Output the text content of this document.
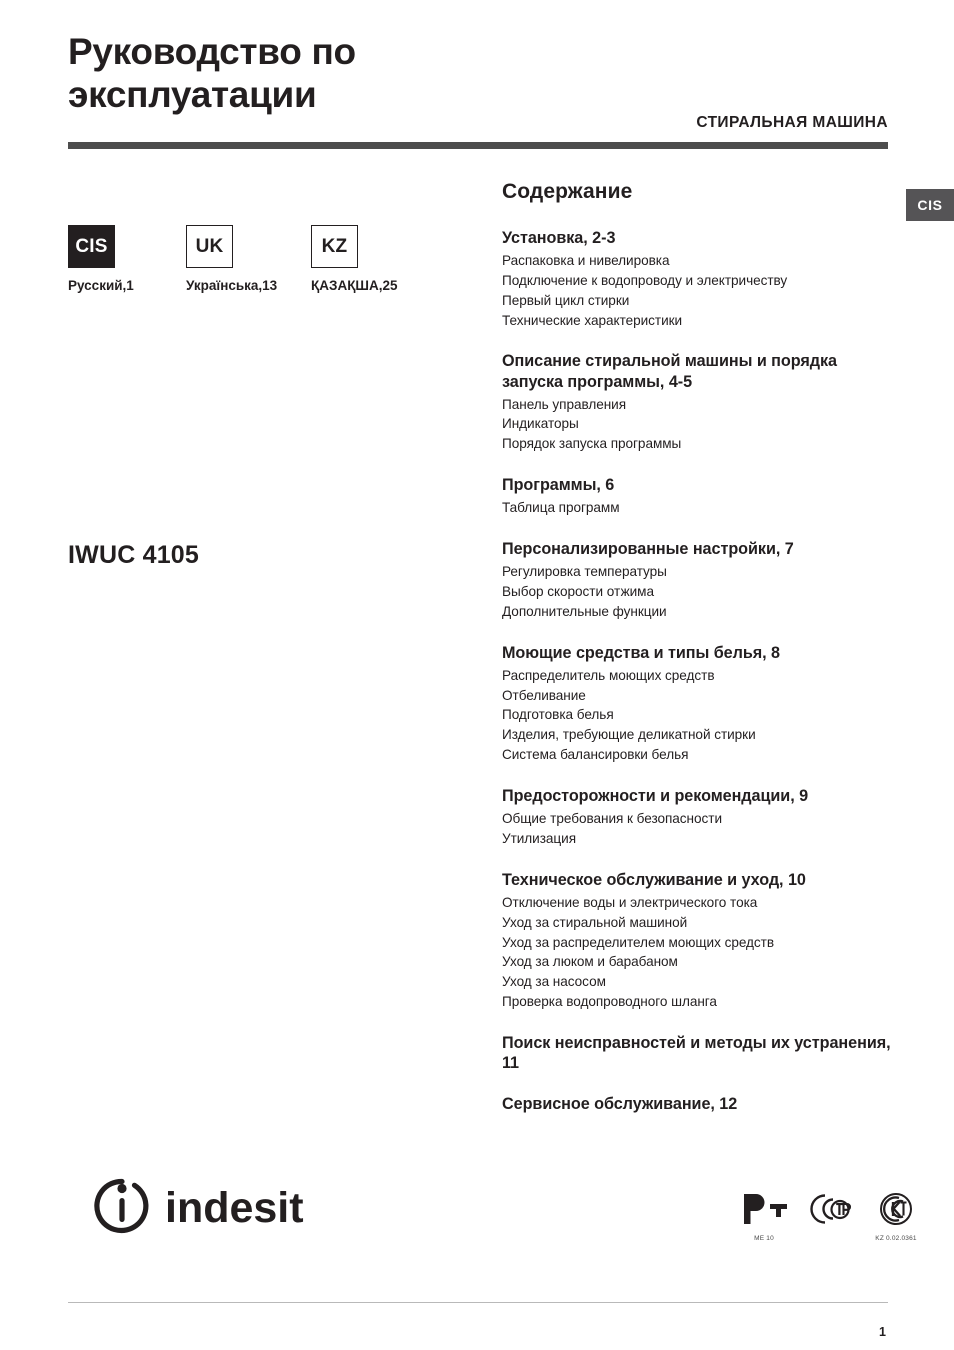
Руководство по эксплуатации
СТИРАЛЬНАЯ МАШИНА
CIS
CIS
Русский,1
UK
Українська,13
KZ
ҚАЗАҚША,25
IWUC 4105
Содержание
Установка, 2-3
Распаковка и нивелировка
Подключение к водопроводу и электричеству
Первый цикл стирки
Технические характеристики
Описание стиральной машины и порядка запуска программы, 4-5
Панель управления
Индикаторы
Порядок запуска программы
Программы, 6
Таблица программ
Персонализированные настройки, 7
Регулировка температуры
Выбор скорости отжима
Дополнительные функции
Моющие средства и типы белья, 8
Распределитель моющих средств
Отбеливание
Подготовка белья
Изделия, требующие деликатной стирки
Система балансировки белья
Предосторожности и рекомендации, 9
Общие требования к безопасности
Утилизация
Техническое обслуживание и уход, 10
Отключение воды и электрического тока
Уход за стиральной машиной
Уход за распределителем моющих средств
Уход за люком и барабаном
Уход за насосом
Проверка водопроводного шланга
Поиск неисправностей и методы их устранения, 11
Сервисное обслуживание, 12
indesit
ME 10	KZ 0.02.0361
1
